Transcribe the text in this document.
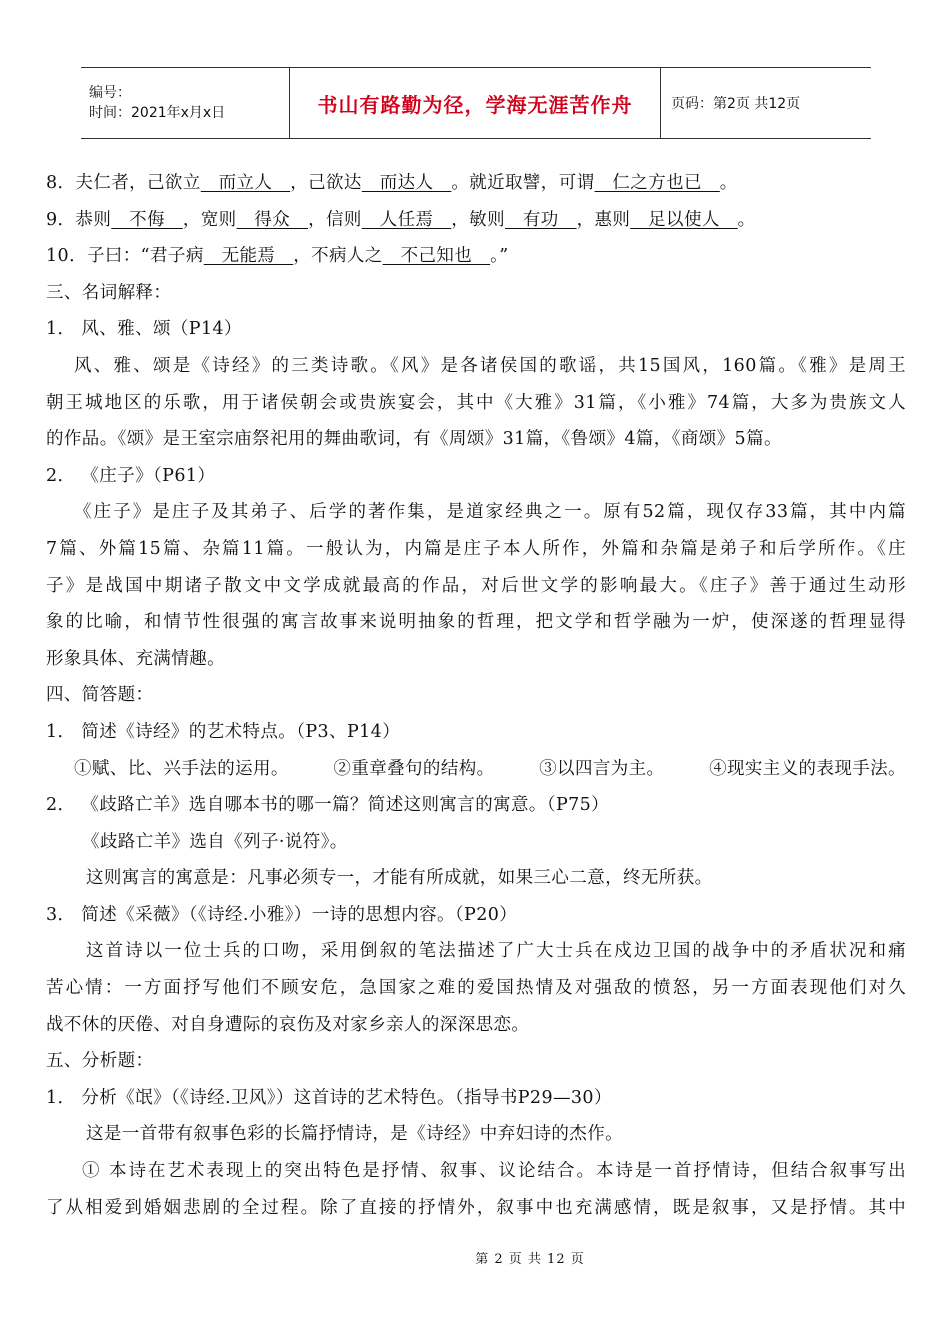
编号：
时间：2021年x月x日	书山有路勤为径，学海无涯苦作舟	页码：第2页 共12页
8．夫仁者，己欲立   而立人   ，己欲达   而达人   。就近取譬，可谓   仁之方也已   。
9．恭则   不侮   ，宽则   得众   ，信则   人任焉   ，敏则   有功   ，惠则   足以使人   。
10．子曰：“君子病   无能焉   ，不病人之   不己知也   。”
三、名词解释：
1． 风、雅、颂（P14）
风、雅、颂是《诗经》的三类诗歌。《风》是各诸侯国的歌谣，共15国风，160篇。《雅》是周王
朝王城地区的乐歌，用于诸侯朝会或贵族宴会，其中《大雅》31篇，《小雅》74篇，大多为贵族文人
的作品。《颂》是王室宗庙祭祀用的舞曲歌词，有《周颂》31篇，《鲁颂》4篇，《商颂》5篇。
2． 《庄子》（P61）
《庄子》是庄子及其弟子、后学的著作集，是道家经典之一。原有52篇，现仅存33篇，其中内篇
7篇、外篇15篇、杂篇11篇。一般认为，内篇是庄子本人所作，外篇和杂篇是弟子和后学所作。《庄
子》是战国中期诸子散文中文学成就最高的作品，对后世文学的影响最大。《庄子》善于通过生动形
象的比喻，和情节性很强的寓言故事来说明抽象的哲理，把文学和哲学融为一炉，使深遂的哲理显得
形象具体、充满情趣。
四、简答题：
1． 简述《诗经》的艺术特点。（P3、P14）
①赋、比、兴手法的运用。	②重章叠句的结构。	③以四言为主。	④现实主义的表现手法。
2． 《歧路亡羊》选自哪本书的哪一篇？简述这则寓言的寓意。（P75）
《歧路亡羊》选自《列子·说符》。
这则寓言的寓意是：凡事必须专一，才能有所成就，如果三心二意，终无所获。
3． 简述《采薇》（《诗经.小雅》）一诗的思想内容。（P20）
这首诗以一位士兵的口吻，采用倒叙的笔法描述了广大士兵在戍边卫国的战争中的矛盾状况和痛
苦心情：一方面抒写他们不顾安危，急国家之难的爱国热情及对强敌的愤怒，另一方面表现他们对久
战不休的厌倦、对自身遭际的哀伤及对家乡亲人的深深思恋。
五、分析题：
1． 分析《氓》（《诗经.卫风》）这首诗的艺术特色。（指导书P29—30）
这是一首带有叙事色彩的长篇抒情诗，是《诗经》中弃妇诗的杰作。
① 本诗在艺术表现上的突出特色是抒情、叙事、议论结合。本诗是一首抒情诗，但结合叙事写出
了从相爱到婚姻悲剧的全过程。除了直接的抒情外，叙事中也充满感情，既是叙事，又是抒情。其中
第 2 页 共 12 页
